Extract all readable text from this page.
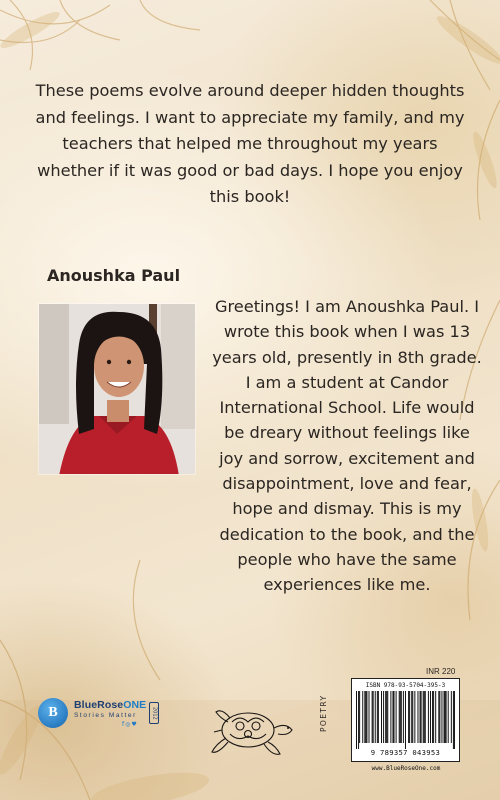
These poems evolve around deeper hidden thoughts and feelings. I want to appreciate my family, and my teachers that helped me throughout my years whether if it was good or bad days. I hope you enjoy this book!
Anoushka Paul
Greetings! I am Anoushka Paul. I wrote this book when I was 13 years old, presently in 8th grade. I am a student at Candor International School. Life would be dreary without feelings like joy and sorrow, excitement and disappointment, love and fear, hope and dismay. This is my dedication to the book, and the people who have the same experiences like me.
B
BlueRoseONE
Stories Matter
f◎♥
2012	POETRY
INR 220
ISBN 978-93-5704-395-3
9 789357 043953
www.BlueRoseOne.com
